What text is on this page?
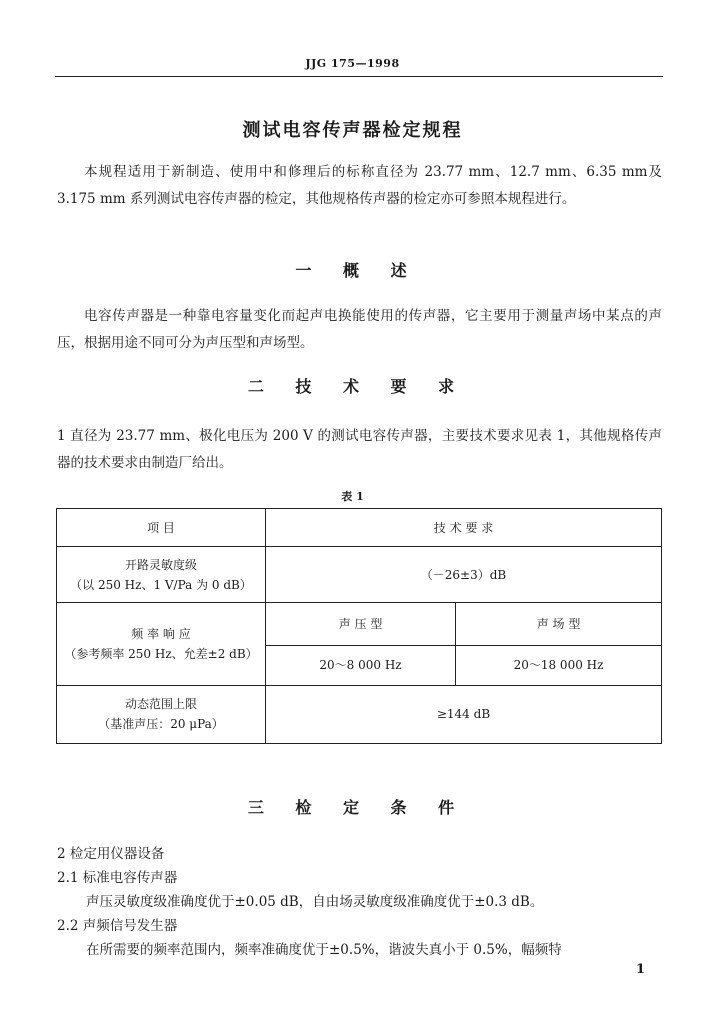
JJG 175—1998
测试电容传声器检定规程
本规程适用于新制造、使用中和修理后的标称直径为 23.77 mm、12.7 mm、6.35 mm及 3.175 mm 系列测试电容传声器的检定，其他规格传声器的检定亦可参照本规程进行。
一 概 述
电容传声器是一种靠电容量变化而起声电换能使用的传声器，它主要用于测量声场中某点的声压，根据用途不同可分为声压型和声场型。
二 技 术 要 求
1 直径为 23.77 mm、极化电压为 200 V 的测试电容传声器，主要技术要求见表 1，其他规格传声器的技术要求由制造厂给出。
表 1
项 目	技 术 要 求	

开路灵敏度级
（以 250 Hz、1 V/Pa 为 0 dB）	（－26±3）dB	

频 率 响 应
（参考频率 250 Hz、允差±2 dB）	声 压 型	声 场 型
	20～8 000 Hz	20～18 000 Hz

动态范围上限
（基准声压：20 μPa）	≥144 dB	
三 检 定 条 件
2 检定用仪器设备
2.1 标准电容传声器
声压灵敏度级准确度优于±0.05 dB，自由场灵敏度级准确度优于±0.3 dB。
2.2 声频信号发生器
在所需要的频率范围内，频率准确度优于±0.5%，谐波失真小于 0.5%，幅频特
1
